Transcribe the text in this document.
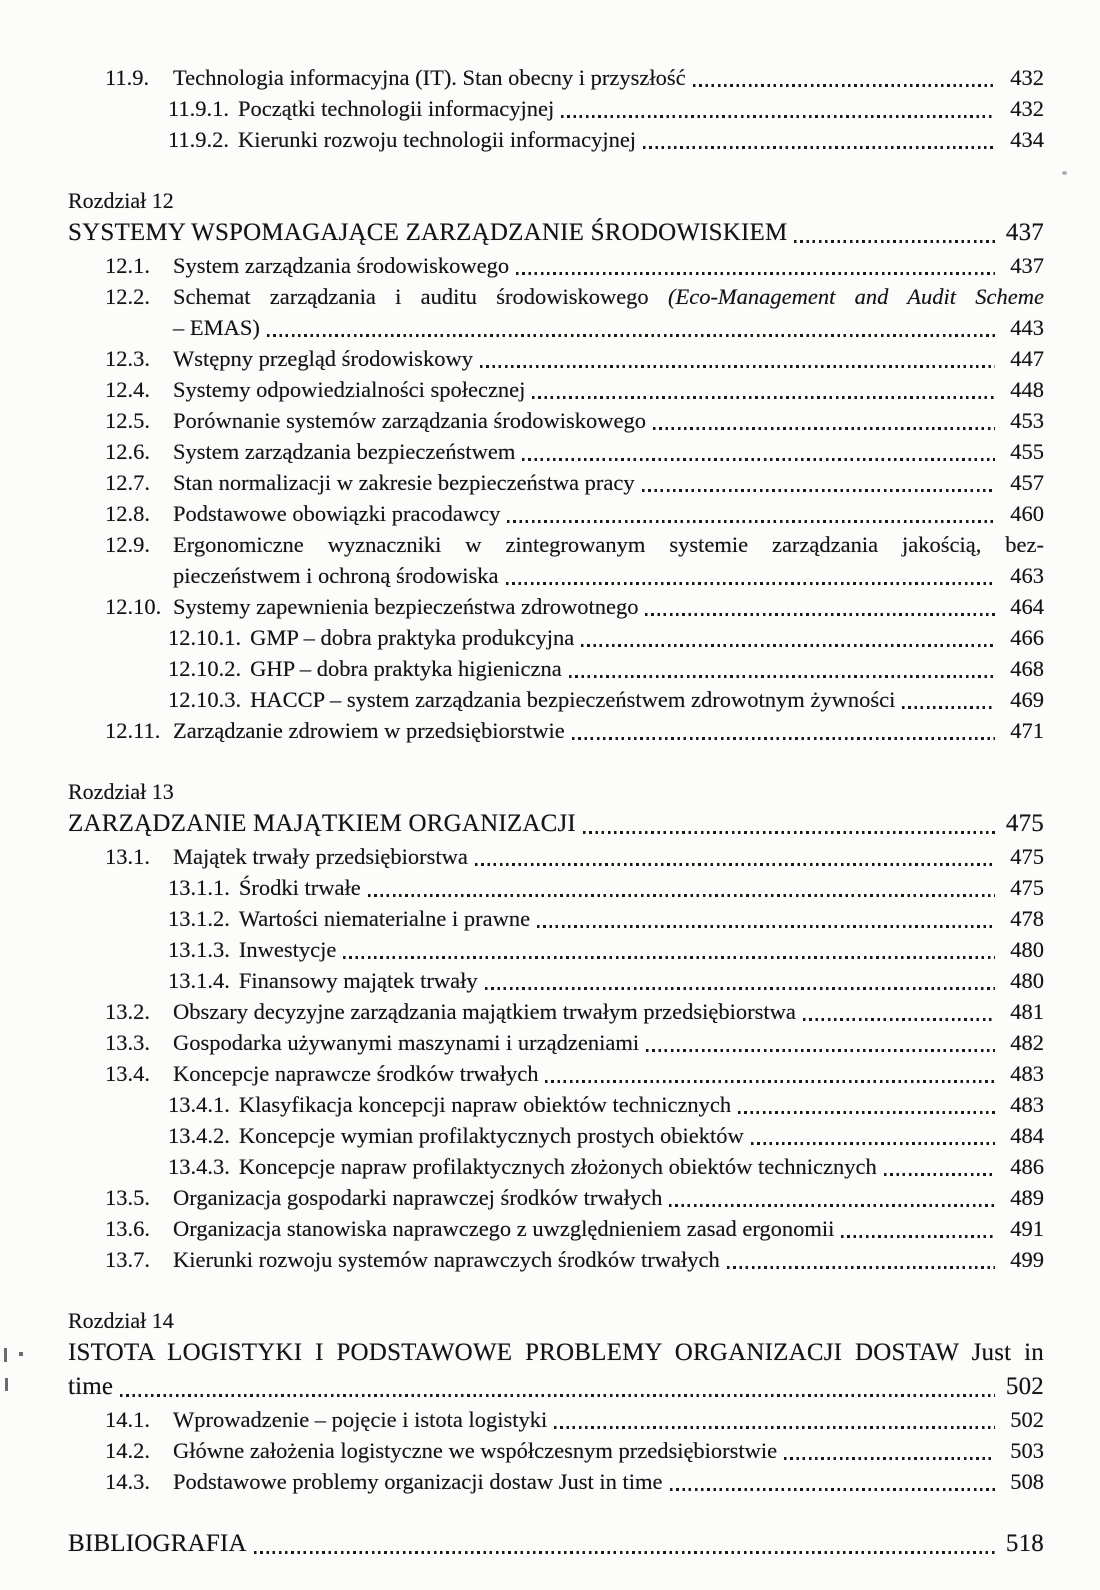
11.9.	Technologia informacyjna (IT). Stan obecny i przyszłość	432
11.9.1. Początki technologii informacyjnej	432
11.9.2. Kierunki rozwoju technologii informacyjnej	434
Rozdział 12
SYSTEMY WSPOMAGAJĄCE ZARZĄDZANIE ŚRODOWISKIEM	437
12.1.	System zarządzania środowiskowego	437
12.2. Schemat zarządzania i auditu środowiskowego (Eco-Management and Audit Scheme
– EMAS)	443
12.3.	Wstępny przegląd środowiskowy	447
12.4.	Systemy odpowiedzialności społecznej	448
12.5.	Porównanie systemów zarządzania środowiskowego	453
12.6.	System zarządzania bezpieczeństwem	455
12.7.	Stan normalizacji w zakresie bezpieczeństwa pracy	457
12.8.	Podstawowe obowiązki pracodawcy	460
12.9. Ergonomiczne wyznaczniki w zintegrowanym systemie zarządzania jakością, bez-
pieczeństwem i ochroną środowiska	463
12.10. Systemy zapewnienia bezpieczeństwa zdrowotnego	464
12.10.1. GMP – dobra praktyka produkcyjna	466
12.10.2. GHP – dobra praktyka higieniczna	468
12.10.3. HACCP – system zarządzania bezpieczeństwem zdrowotnym żywności	469
12.11. Zarządzanie zdrowiem w przedsiębiorstwie	471
Rozdział 13
ZARZĄDZANIE MAJĄTKIEM ORGANIZACJI	475
13.1.	Majątek trwały przedsiębiorstwa	475
13.1.1. Środki trwałe	475
13.1.2. Wartości niematerialne i prawne	478
13.1.3. Inwestycje	480
13.1.4. Finansowy majątek trwały	480
13.2.	Obszary decyzyjne zarządzania majątkiem trwałym przedsiębiorstwa	481
13.3.	Gospodarka używanymi maszynami i urządzeniami	482
13.4.	Koncepcje naprawcze środków trwałych	483
13.4.1. Klasyfikacja koncepcji napraw obiektów technicznych	483
13.4.2. Koncepcje wymian profilaktycznych prostych obiektów	484
13.4.3. Koncepcje napraw profilaktycznych złożonych obiektów technicznych	486
13.5.	Organizacja gospodarki naprawczej środków trwałych	489
13.6.	Organizacja stanowiska naprawczego z uwzględnieniem zasad ergonomii	491
13.7.	Kierunki rozwoju systemów naprawczych środków trwałych	499
Rozdział 14
ISTOTA LOGISTYKI I PODSTAWOWE PROBLEMY ORGANIZACJI DOSTAW Just in
time	502
14.1.	Wprowadzenie – pojęcie i istota logistyki	502
14.2.	Główne założenia logistyczne we współczesnym przedsiębiorstwie	503
14.3.	Podstawowe problemy organizacji dostaw Just in time	508
BIBLIOGRAFIA	518
